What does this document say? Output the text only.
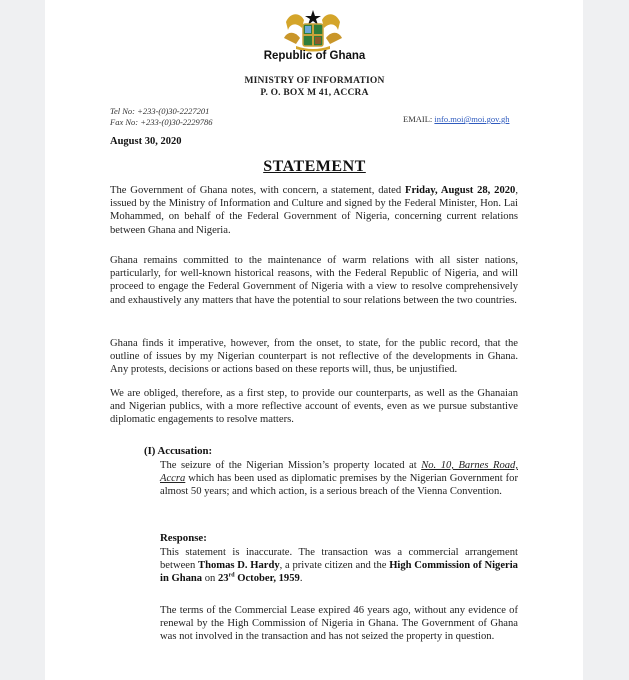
Republic of Ghana
MINISTRY OF INFORMATION
P. O. BOX M 41, ACCRA
Tel No: +233-(0)30-2227201
Fax No: +233-(0)30-2229786	EMAIL: info.moi@moi.gov.gh
August 30, 2020
STATEMENT
The Government of Ghana notes, with concern, a statement, dated Friday, August 28, 2020, issued by the Ministry of Information and Culture and signed by the Federal Minister, Hon. Lai Mohammed, on behalf of the Federal Government of Nigeria, concerning current relations between Ghana and Nigeria.
Ghana remains committed to the maintenance of warm relations with all sister nations, particularly, for well-known historical reasons, with the Federal Republic of Nigeria, and will proceed to engage the Federal Government of Nigeria with a view to resolve comprehensively and exhaustively any matters that have the potential to sour relations between the two countries.
Ghana finds it imperative, however, from the onset, to state, for the public record, that the outline of issues by my Nigerian counterpart is not reflective of the developments in Ghana. Any protests, decisions or actions based on these reports will, thus, be unjustified.
We are obliged, therefore, as a first step, to provide our counterparts, as well as the Ghanaian and Nigerian publics, with a more reflective account of events, even as we pursue substantive diplomatic engagements to resolve matters.
(I) Accusation:
The seizure of the Nigerian Mission’s property located at No. 10, Barnes Road, Accra which has been used as diplomatic premises by the Nigerian Government for almost 50 years; and which action, is a serious breach of the Vienna Convention.
Response:
This statement is inaccurate. The transaction was a commercial arrangement between Thomas D. Hardy, a private citizen and the High Commission of Nigeria in Ghana on 23rd October, 1959.
The terms of the Commercial Lease expired 46 years ago, without any evidence of renewal by the High Commission of Nigeria in Ghana. The Government of Ghana was not involved in the transaction and has not seized the property in question.
